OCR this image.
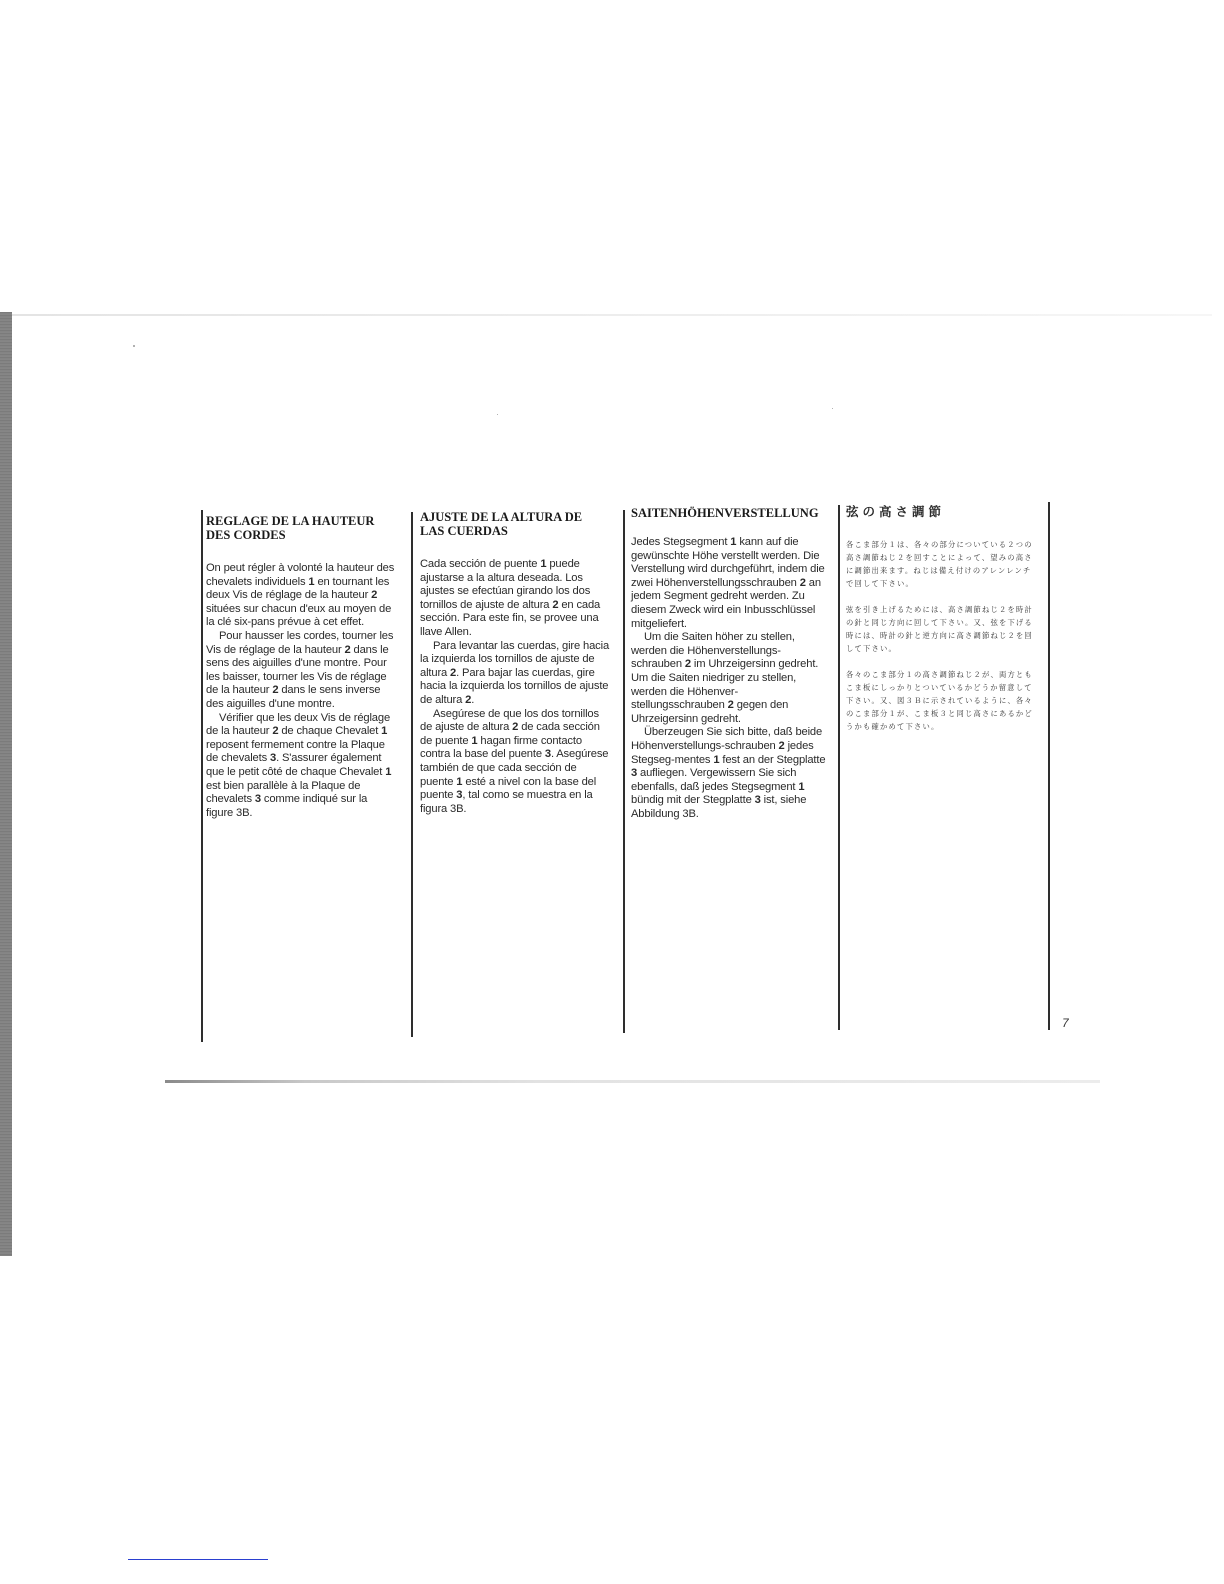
REGLAGE DE LA HAUTEUR
DES CORDES

On peut régler à volonté la hauteur des chevalets individuels 1 en tournant les deux Vis de réglage de la hauteur 2 situées sur chacun d'eux au moyen de la clé six-pans prévue à cet effet.

Pour hausser les cordes, tourner les Vis de réglage de la hauteur 2 dans le sens des aiguilles d'une montre. Pour les baisser, tourner les Vis de réglage de la hauteur 2 dans le sens inverse des aiguilles d'une montre.

Vérifier que les deux Vis de réglage de la hauteur 2 de chaque Chevalet 1 reposent fermement contre la Plaque de chevalets 3. S'assurer également que le petit côté de chaque Chevalet 1 est bien parallèle à la Plaque de chevalets 3 comme indiqué sur la figure 3B.

AJUSTE DE LA ALTURA DE
LAS CUERDAS

Cada sección de puente 1 puede ajustarse a la altura deseada. Los ajustes se efectúan girando los dos tornillos de ajuste de altura 2 en cada sección. Para este fin, se provee una llave Allen.

Para levantar las cuerdas, gire hacia la izquierda los tornillos de ajuste de altura 2. Para bajar las cuerdas, gire hacia la izquierda los tornillos de ajuste de altura 2.

Asegúrese de que los dos tornillos de ajuste de altura 2 de cada sección de puente 1 hagan firme contacto contra la base del puente 3. Asegúrese también de que cada sección de puente 1 esté a nivel con la base del puente 3, tal como se muestra en la figura 3B.

SAITENHÖHENVERSTELLUNG

Jedes Stegsegment 1 kann auf die gewünschte Höhe verstellt werden. Die Verstellung wird durchgeführt, indem die zwei Höhenverstellungsschrauben 2 an jedem Segment gedreht werden. Zu diesem Zweck wird ein Inbusschlüssel mitgeliefert.

Um die Saiten höher zu stellen, werden die Höhenverstellungs-schrauben 2 im Uhrzeigersinn gedreht. Um die Saiten niedriger zu stellen, werden die Höhenver-stellungsschrauben 2 gegen den Uhrzeigersinn gedreht.

Überzeugen Sie sich bitte, daß beide Höhenverstellungs-schrauben 2 jedes Stegseg-mentes 1 fest an der Stegplatte 3 aufliegen. Vergewissern Sie sich ebenfalls, daß jedes Stegsegment 1 bündig mit der Stegplatte 3 ist, siehe Abbildung 3B.

弦の高さ調節

各こま部分１は、各々の部分についている２つの高さ調節ねじ２を回すことによって、望みの高さに調節出来ます。ねじは備え付けのアレンレンチで回して下さい。

弦を引き上げるためには、高さ調節ねじ２を時計の針と同じ方向に回して下さい。又、弦を下げる時には、時計の針と逆方向に高さ調節ねじ２を回して下さい。

各々のこま部分１の高さ調節ねじ２が、両方ともこま板にしっかりとついているかどうか留意して下さい。又、図３Ｂに示されているように、各々のこま部分１が、こま板３と同じ高さにあるかどうかも確かめて下さい。

7
